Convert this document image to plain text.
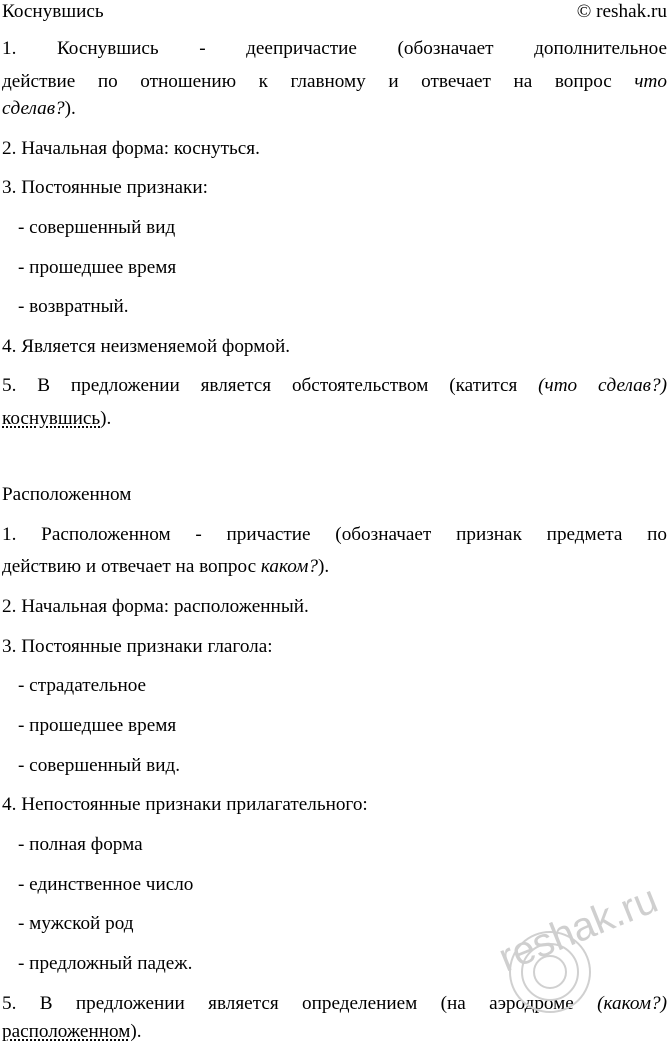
Коснувшись	© reshak.ru
1. Коснувшись - деепричастие (обозначает дополнительное
действие по отношению к главному и отвечает на вопрос что
сделав?).
2. Начальная форма: коснуться.
3. Постоянные признаки:
- совершенный вид
- прошедшее время
- возвратный.
4. Является неизменяемой формой.
5. В предложении является обстоятельством (катится (что сделав?)
коснувшись).
Расположенном
1. Расположенном - причастие (обозначает признак предмета по
действию и отвечает на вопрос каком?).
2. Начальная форма: расположенный.
3. Постоянные признаки глагола:
- страдательное
- прошедшее время
- совершенный вид.
4. Непостоянные признаки прилагательного:
- полная форма
- единственное число
- мужской род
- предложный падеж.
5. В предложении является определением (на аэродроме (каком?)
расположенном).
reshak.ru
